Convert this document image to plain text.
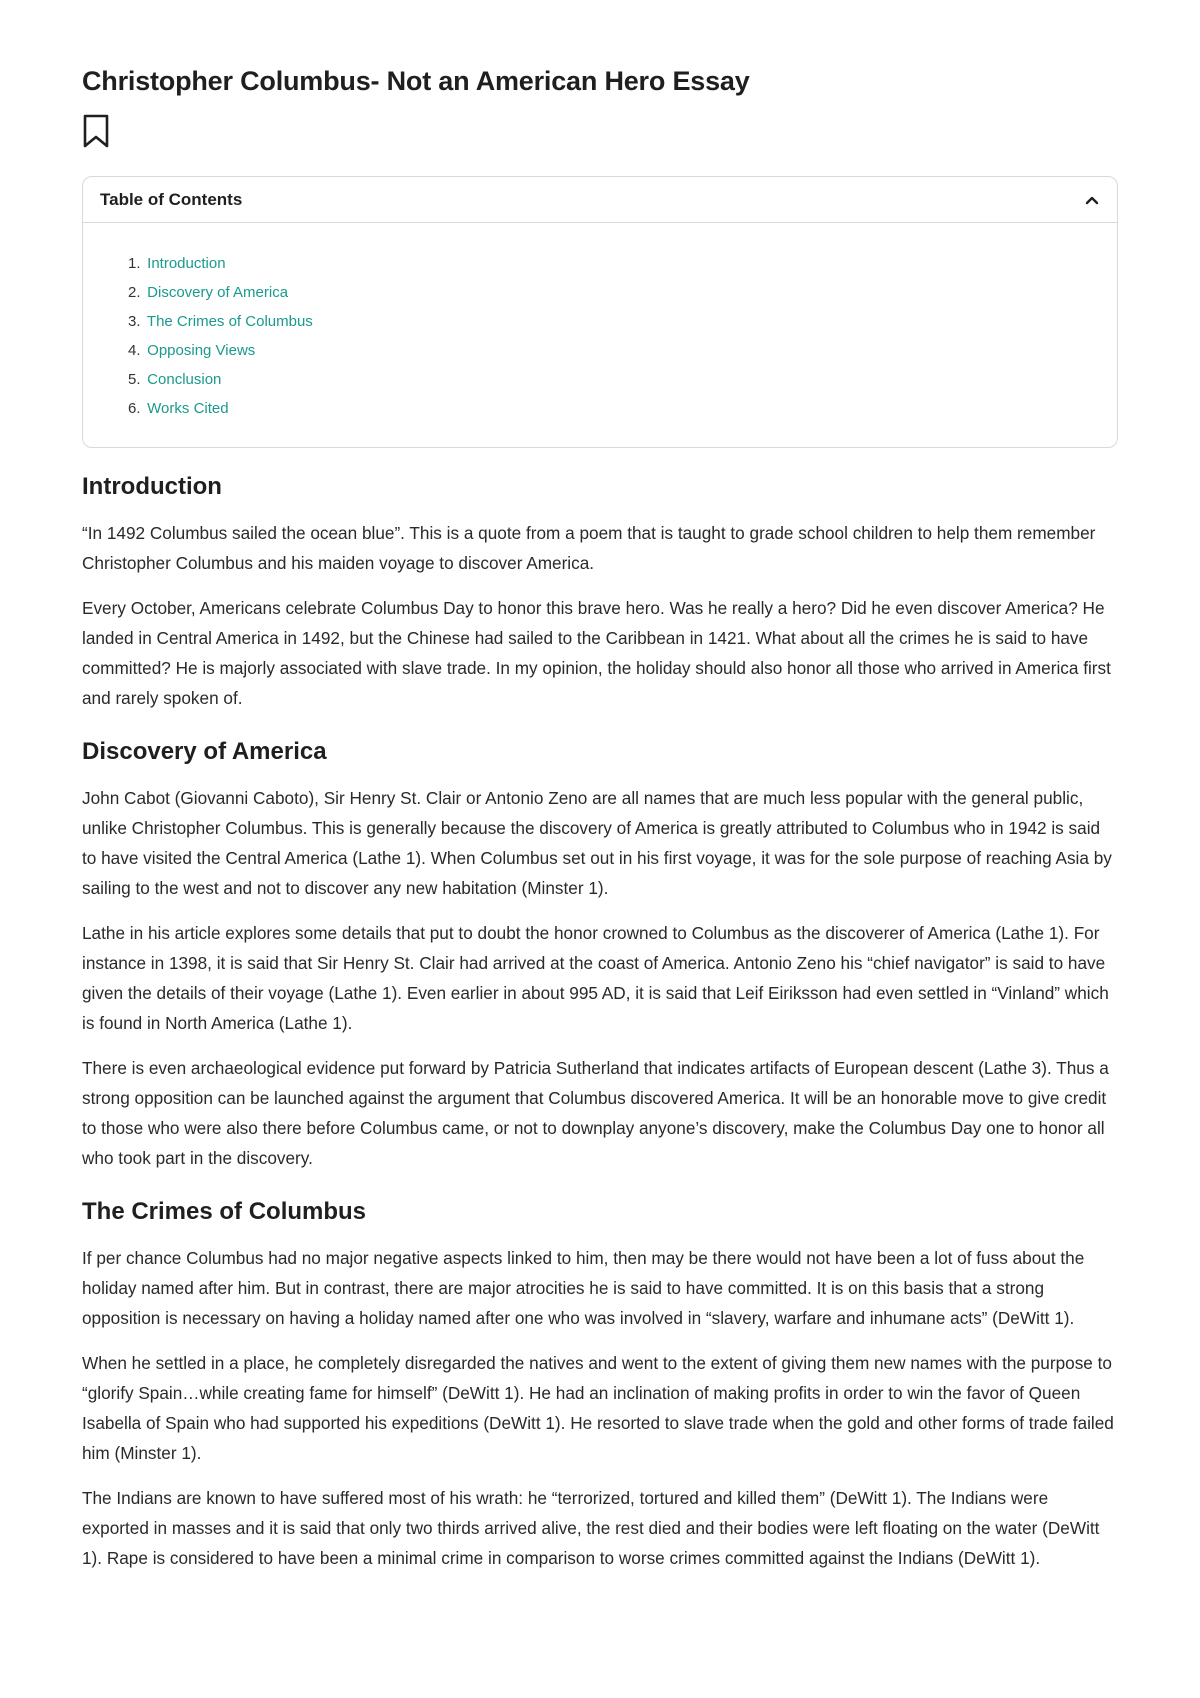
Christopher Columbus- Not an American Hero Essay
Table of Contents
1. Introduction
2. Discovery of America
3. The Crimes of Columbus
4. Opposing Views
5. Conclusion
6. Works Cited
Introduction

“In 1492 Columbus sailed the ocean blue”. This is a quote from a poem that is taught to grade school children to help them remember Christopher Columbus and his maiden voyage to discover America.

Every October, Americans celebrate Columbus Day to honor this brave hero. Was he really a hero? Did he even discover America? He landed in Central America in 1492, but the Chinese had sailed to the Caribbean in 1421. What about all the crimes he is said to have committed? He is majorly associated with slave trade. In my opinion, the holiday should also honor all those who arrived in America first and rarely spoken of.

Discovery of America

John Cabot (Giovanni Caboto), Sir Henry St. Clair or Antonio Zeno are all names that are much less popular with the general public, unlike Christopher Columbus. This is generally because the discovery of America is greatly attributed to Columbus who in 1942 is said to have visited the Central America (Lathe 1). When Columbus set out in his first voyage, it was for the sole purpose of reaching Asia by sailing to the west and not to discover any new habitation (Minster 1).

Lathe in his article explores some details that put to doubt the honor crowned to Columbus as the discoverer of America (Lathe 1). For instance in 1398, it is said that Sir Henry St. Clair had arrived at the coast of America. Antonio Zeno his “chief navigator” is said to have given the details of their voyage (Lathe 1). Even earlier in about 995 AD, it is said that Leif Eiriksson had even settled in “Vinland” which is found in North America (Lathe 1).

There is even archaeological evidence put forward by Patricia Sutherland that indicates artifacts of European descent (Lathe 3). Thus a strong opposition can be launched against the argument that Columbus discovered America. It will be an honorable move to give credit to those who were also there before Columbus came, or not to downplay anyone’s discovery, make the Columbus Day one to honor all who took part in the discovery.

The Crimes of Columbus

If per chance Columbus had no major negative aspects linked to him, then may be there would not have been a lot of fuss about the holiday named after him. But in contrast, there are major atrocities he is said to have committed. It is on this basis that a strong opposition is necessary on having a holiday named after one who was involved in “slavery, warfare and inhumane acts” (DeWitt 1).

When he settled in a place, he completely disregarded the natives and went to the extent of giving them new names with the purpose to “glorify Spain…while creating fame for himself” (DeWitt 1). He had an inclination of making profits in order to win the favor of Queen Isabella of Spain who had supported his expeditions (DeWitt 1). He resorted to slave trade when the gold and other forms of trade failed him (Minster 1).

The Indians are known to have suffered most of his wrath: he “terrorized, tortured and killed them” (DeWitt 1). The Indians were exported in masses and it is said that only two thirds arrived alive, the rest died and their bodies were left floating on the water (DeWitt 1). Rape is considered to have been a minimal crime in comparison to worse crimes committed against the Indians (DeWitt 1).
